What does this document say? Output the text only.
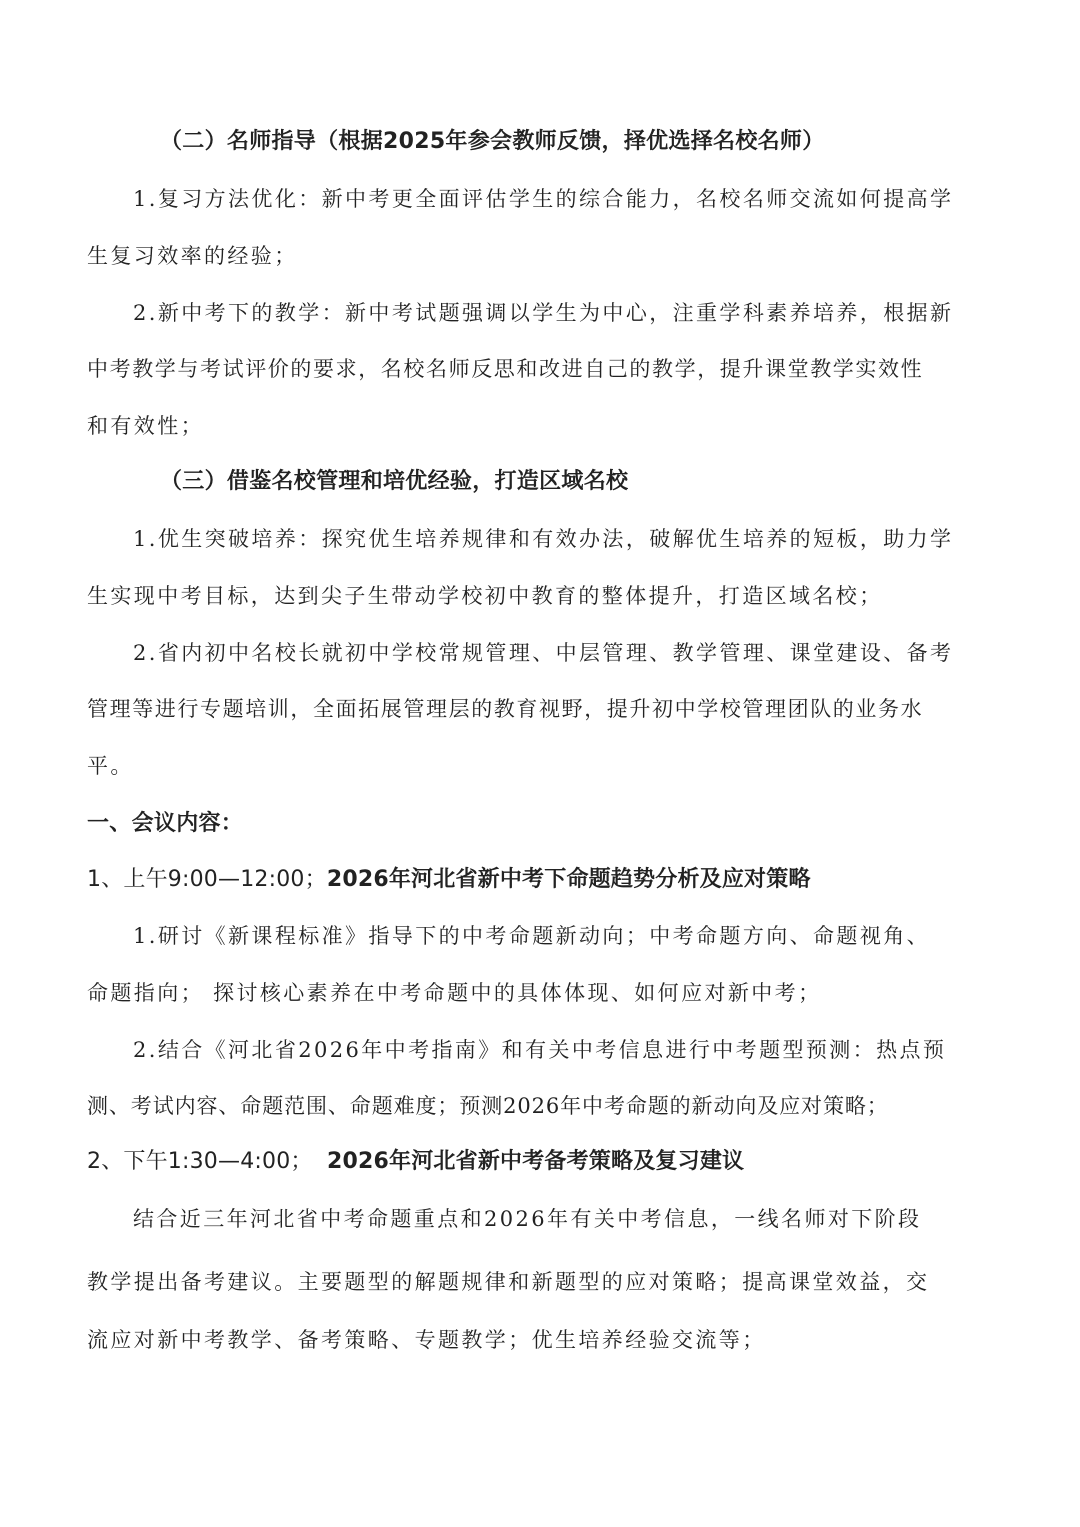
（二）名师指导（根据2025年参会教师反馈，择优选择名校名师）
1.复习方法优化：新中考更全面评估学生的综合能力，名校名师交流如何提高学
生复习效率的经验；
2.新中考下的教学：新中考试题强调以学生为中心，注重学科素养培养，根据新
中考教学与考试评价的要求，名校名师反思和改进自己的教学，提升课堂教学实效性
和有效性；
（三）借鉴名校管理和培优经验，打造区域名校
1.优生突破培养：探究优生培养规律和有效办法，破解优生培养的短板，助力学
生实现中考目标，达到尖子生带动学校初中教育的整体提升，打造区域名校；
2.省内初中名校长就初中学校常规管理、中层管理、教学管理、课堂建设、备考
管理等进行专题培训，全面拓展管理层的教育视野，提升初中学校管理团队的业务水
平。
一、会议内容：
1、上午9:00—12:00；2026年河北省新中考下命题趋势分析及应对策略
1.研讨《新课程标准》指导下的中考命题新动向；中考命题方向、命题视角、
命题指向； 探讨核心素养在中考命题中的具体体现、如何应对新中考；
2.结合《河北省2026年中考指南》和有关中考信息进行中考题型预测：热点预
测、考试内容、命题范围、命题难度；预测2026年中考命题的新动向及应对策略；
2、下午1:30—4:00；  2026年河北省新中考备考策略及复习建议
结合近三年河北省中考命题重点和2026年有关中考信息，一线名师对下阶段
教学提出备考建议。主要题型的解题规律和新题型的应对策略；提高课堂效益，交
流应对新中考教学、备考策略、专题教学；优生培养经验交流等；
